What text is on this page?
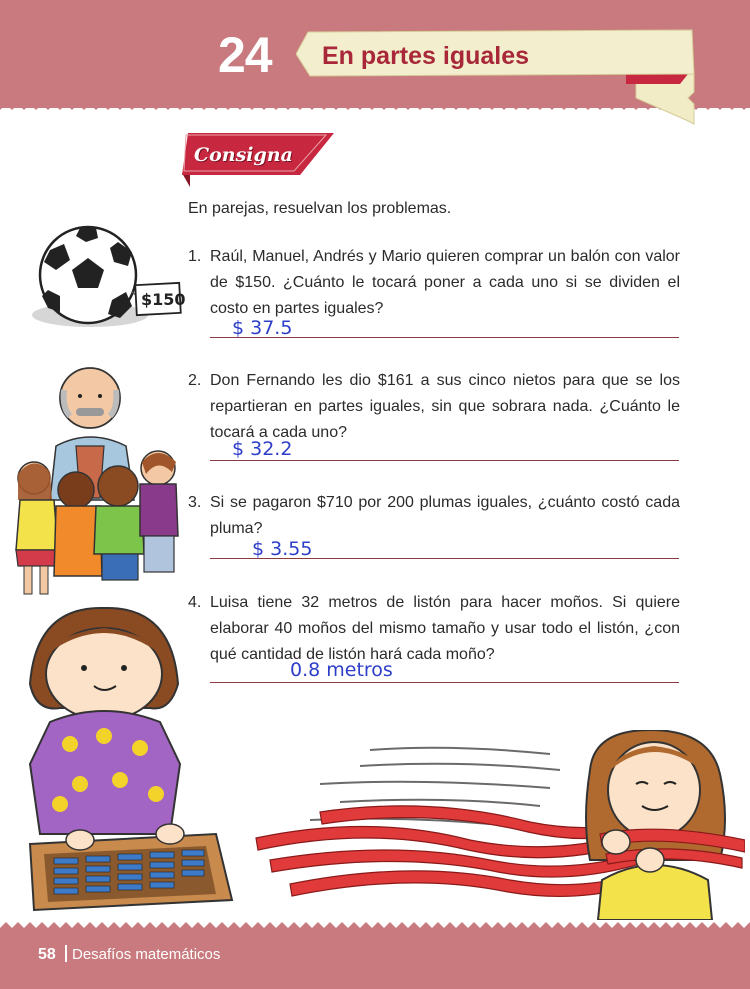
24 En partes iguales
Consigna
En parejas, resuelvan los problemas.
1. Raúl, Manuel, Andrés y Mario quieren comprar un balón con valor de $150. ¿Cuánto le tocará poner a cada uno si se dividen el costo en partes iguales?
$ 37.5
2. Don Fernando les dio $161 a sus cinco nietos para que se los repartieran en partes iguales, sin que sobrara nada. ¿Cuánto le tocará a cada uno?
$ 32.2
3. Si se pagaron $710 por 200 plumas iguales, ¿cuánto costó cada pluma?
$ 3.55
4. Luisa tiene 32 metros de listón para hacer moños. Si quiere elaborar 40 moños del mismo tamaño y usar todo el listón, ¿con qué cantidad de listón hará cada moño?
0.8 metros
$150
58 Desafíos matemáticos
